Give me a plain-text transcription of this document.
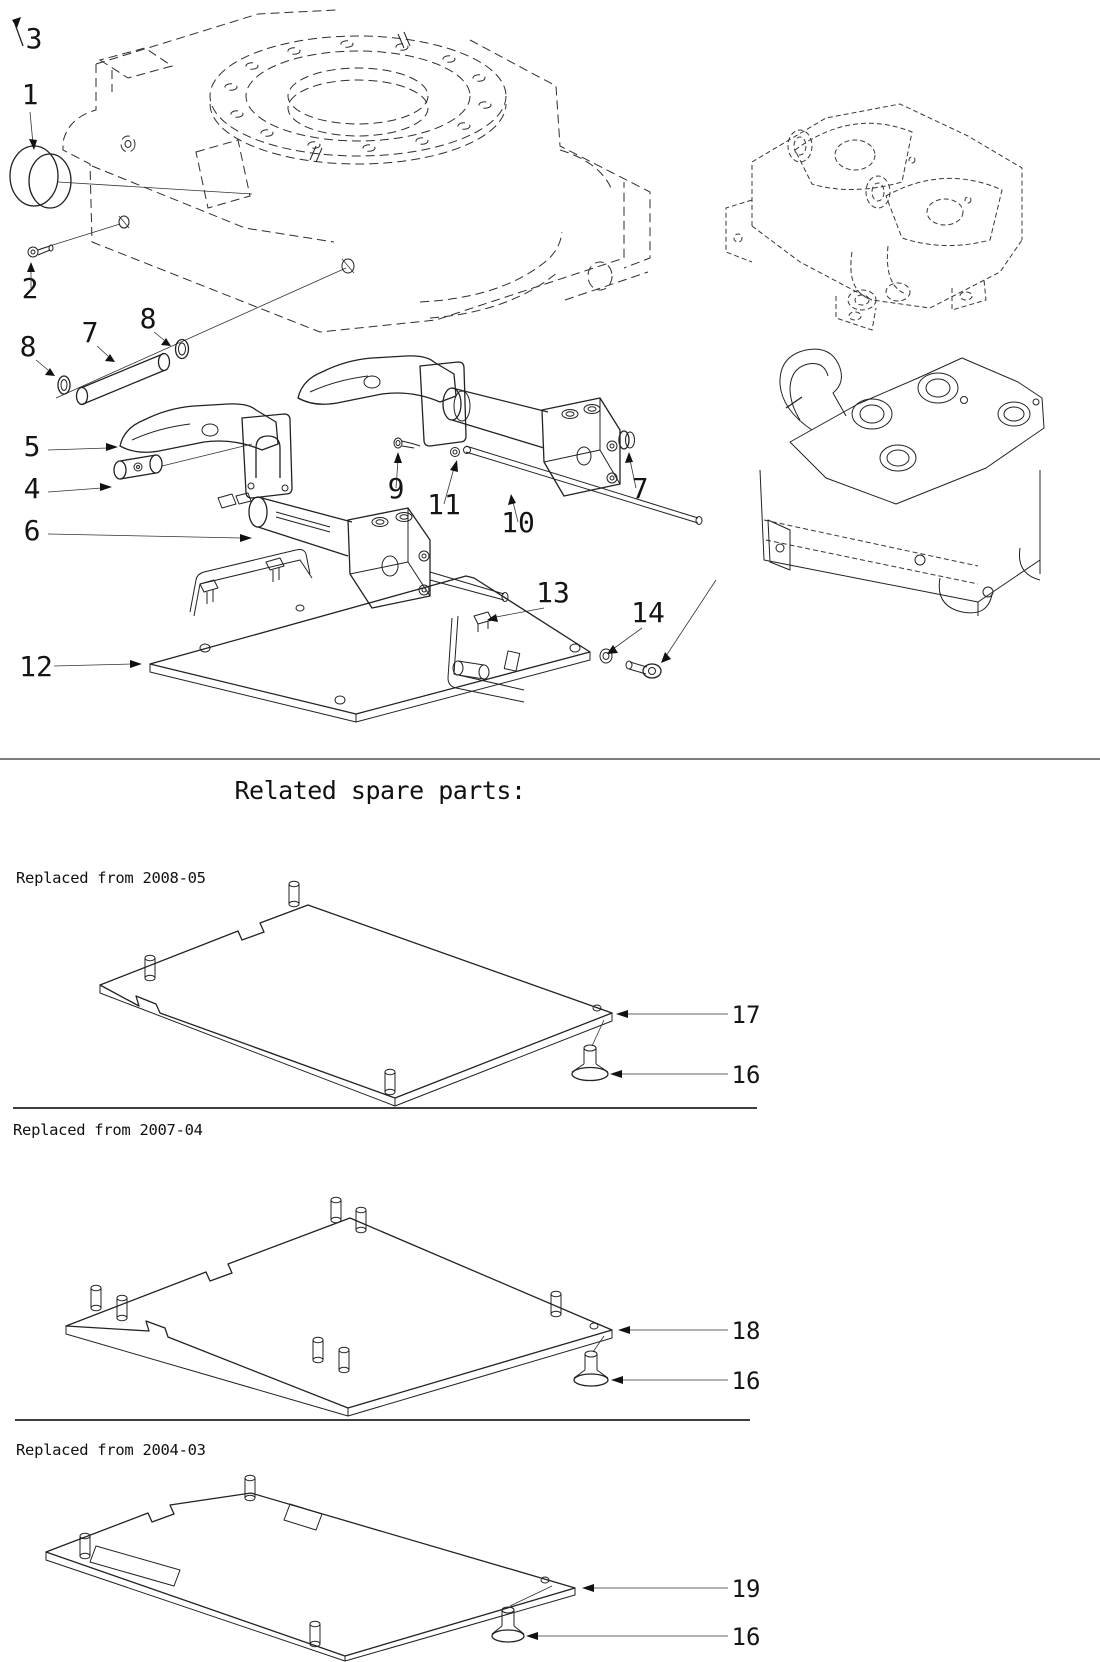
3
1
2
8 7 8
5
4
6
9 11
10
7
12
13
14
17
16
18
16
19
16
Related spare parts:
Replaced from 2008-05
Replaced from 2007-04
Replaced from 2004-03
